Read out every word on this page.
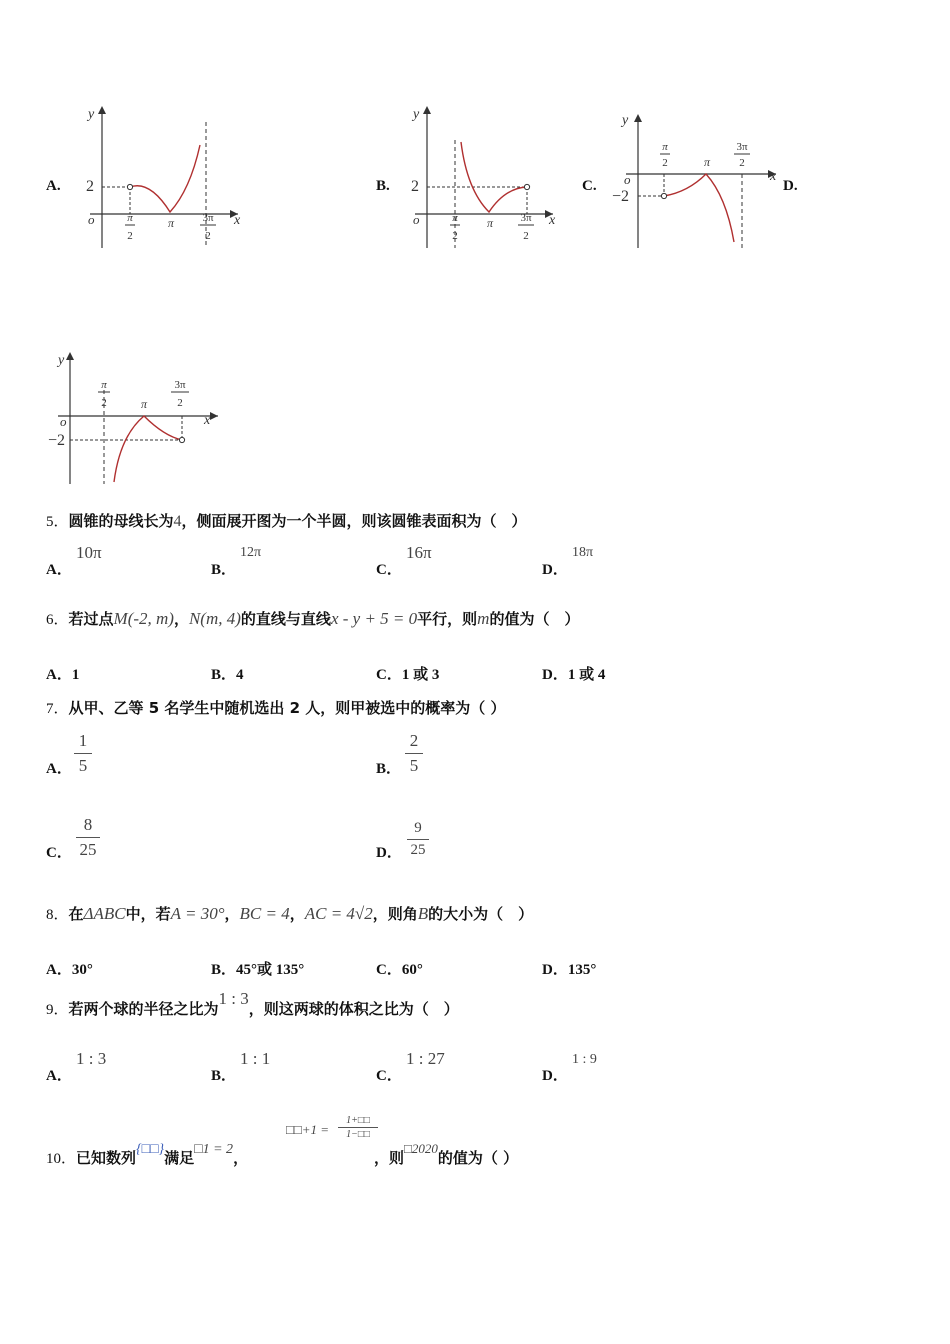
A.
y
x
o
2
π
2
π	3π
2
B.
y
x
o
2
π
2
π 3π
2
C.
y
x
o
−2
π
2	π
3π
2
D.
y
x
o
−2
π
2	π
3π
2
5．圆锥的母线长为4，侧面展开图为一个半圆，则该圆锥表面积为（　）
A．
10π
B．
12π
C．
16π
D．
18π
6．若过点M(-2, m)，N(m, 4)的直线与直线x - y + 5 = 0平行，则m的值为（　）
A．1	B．4	C．1 或 3	D．1 或 4
7．从甲、乙等 5 名学生中随机选出 2 人，则甲被选中的概率为（ ）
A．
1
5	B．
2
5
C．
8
25	D．
9
25
8．在ΔABC中，若A = 30°，BC = 4，AC = 4√2，则角B的大小为（　）
A．30°	B．45°或 135°	C．60°	D．135°
9．若两个球的半径之比为1 : 3，则这两球的体积之比为（　）
A．
1 : 3
B．
1 : 1
C．
1 : 27
D．
1 : 9
10．已知数列{□□}满足□1 = 2，
□□+1 =
1+□□
1−□□
，则□2020的值为（ ）
